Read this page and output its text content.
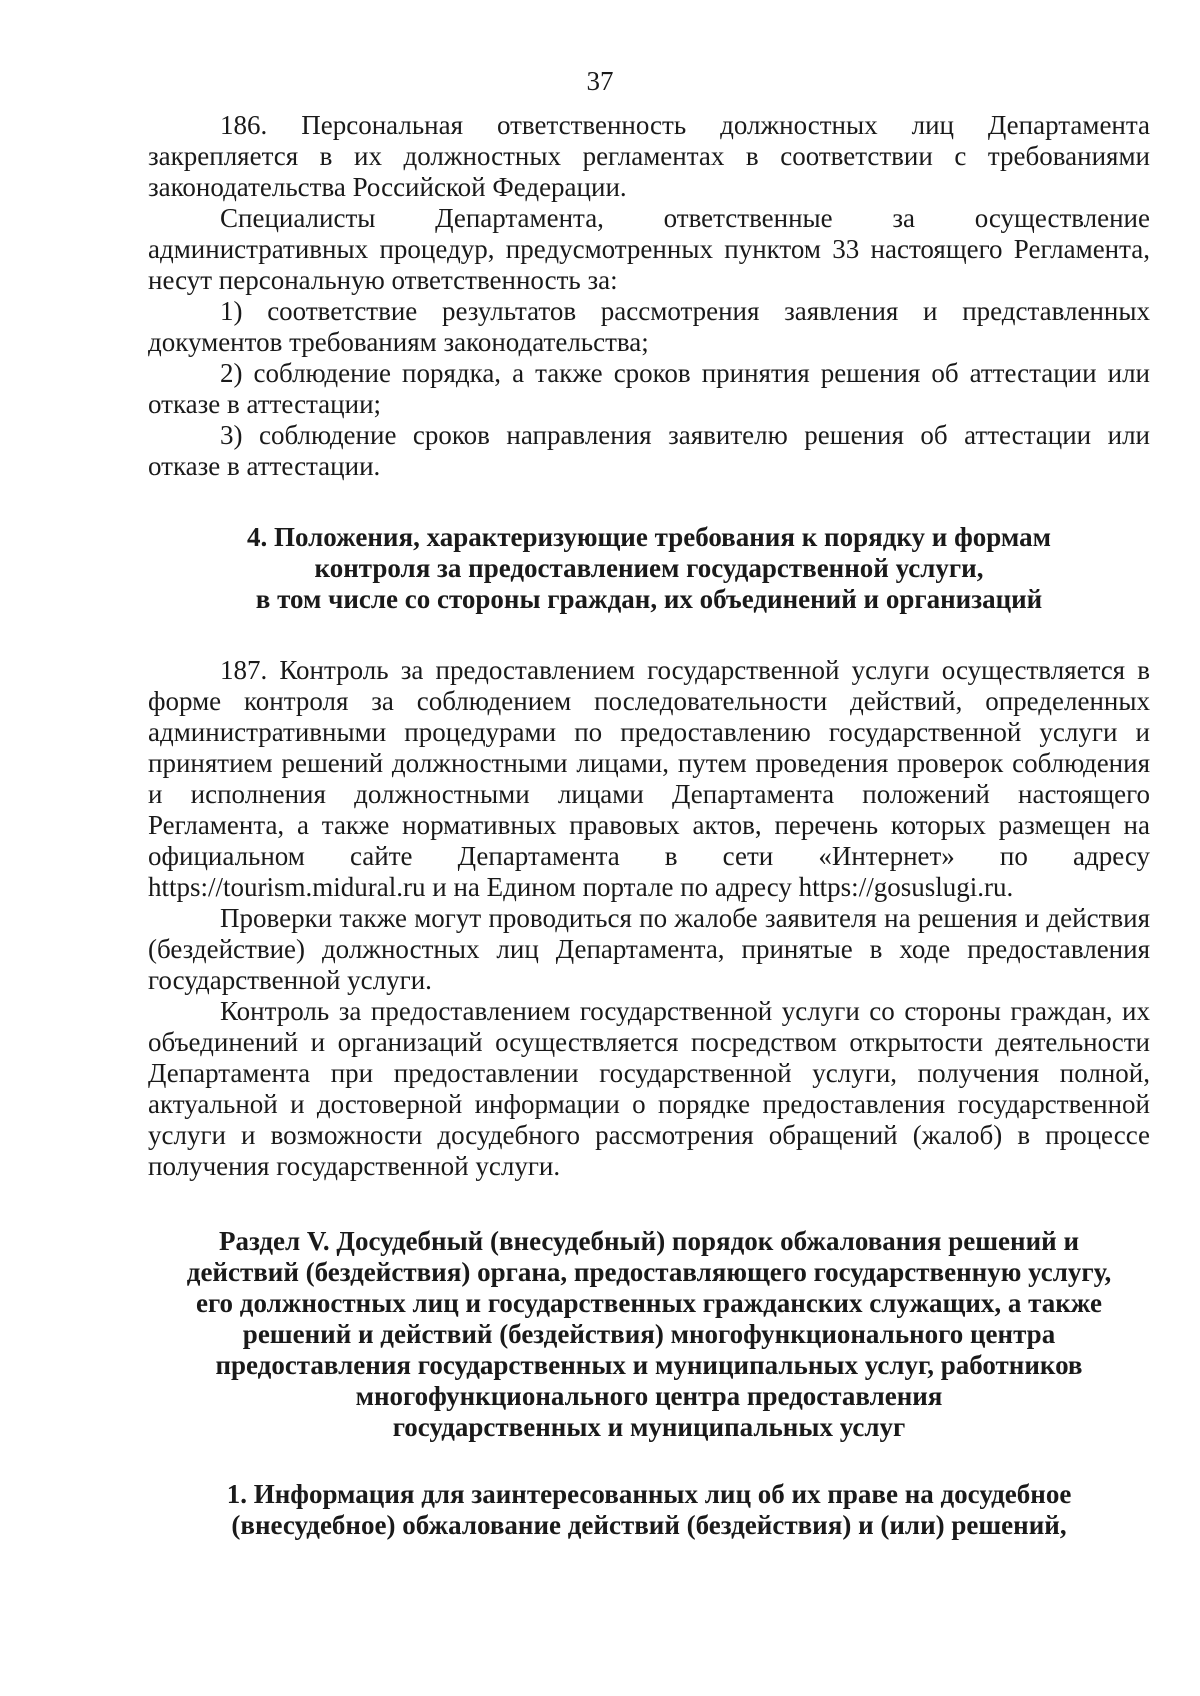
37

186. Персональная ответственность должностных лиц Департамента закрепляется в их должностных регламентах в соответствии с требованиями законодательства Российской Федерации.

Специалисты Департамента, ответственные за осуществление административных процедур, предусмотренных пунктом 33 настоящего Регламента, несут персональную ответственность за:

1) соответствие результатов рассмотрения заявления и представленных документов требованиям законодательства;

2) соблюдение порядка, а также сроков принятия решения об аттестации или отказе в аттестации;

3) соблюдение сроков направления заявителю решения об аттестации или отказе в аттестации.

4. Положения, характеризующие требования к порядку и формам
контроля за предоставлением государственной услуги,
в том числе со стороны граждан, их объединений и организаций

187. Контроль за предоставлением государственной услуги осуществляется в форме контроля за соблюдением последовательности действий, определенных административными процедурами по предоставлению государственной услуги и принятием решений должностными лицами, путем проведения проверок соблюдения и исполнения должностными лицами Департамента положений настоящего Регламента, а также нормативных правовых актов, перечень которых размещен на официальном сайте Департамента в сети «Интернет» по адресу https://tourism.midural.ru и на Едином портале по адресу https://gosuslugi.ru.

Проверки также могут проводиться по жалобе заявителя на решения и действия (бездействие) должностных лиц Департамента, принятые в ходе предоставления государственной услуги.

Контроль за предоставлением государственной услуги со стороны граждан, их объединений и организаций осуществляется посредством открытости деятельности Департамента при предоставлении государственной услуги, получения полной, актуальной и достоверной информации о порядке предоставления государственной услуги и возможности досудебного рассмотрения обращений (жалоб) в процессе получения государственной услуги.

Раздел V. Досудебный (внесудебный) порядок обжалования решений и
действий (бездействия) органа, предоставляющего государственную услугу,
его должностных лиц и государственных гражданских служащих, а также
решений и действий (бездействия) многофункционального центра
предоставления государственных и муниципальных услуг, работников
многофункционального центра предоставления
государственных и муниципальных услуг
1. Информация для заинтересованных лиц об их праве на досудебное
(внесудебное) обжалование действий (бездействия) и (или) решений,
